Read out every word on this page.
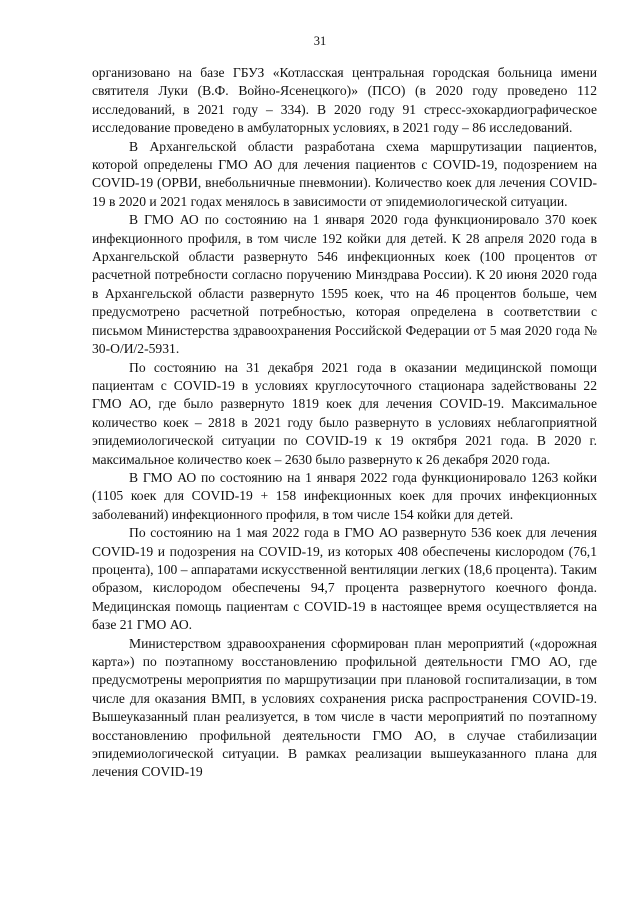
31

организовано на базе ГБУЗ «Котласская центральная городская больница имени святителя Луки (В.Ф. Войно-Ясенецкого)» (ПСО) (в 2020 году проведено 112 исследований, в 2021 году – 334). В 2020 году 91 стресс-эхокардиографическое исследование проведено в амбулаторных условиях, в 2021 году – 86 исследований.

В Архангельской области разработана схема маршрутизации пациентов, которой определены ГМО АО для лечения пациентов с COVID-19, подозрением на COVID-19 (ОРВИ, внебольничные пневмонии). Количество коек для лечения COVID-19 в 2020 и 2021 годах менялось в зависимости от эпидемиологической ситуации.

В ГМО АО по состоянию на 1 января 2020 года функционировало 370 коек инфекционного профиля, в том числе 192 койки для детей. К 28 апреля 2020 года в Архангельской области развернуто 546 инфекционных коек (100 процентов от расчетной потребности согласно поручению Минздрава России). К 20 июня 2020 года в Архангельской области развернуто 1595 коек, что на 46 процентов больше, чем предусмотрено расчетной потребностью, которая определена в соответствии с письмом Министерства здравоохранения Российской Федерации от 5 мая 2020 года № 30-О/И/2-5931.

По состоянию на 31 декабря 2021 года в оказании медицинской помощи пациентам с COVID-19 в условиях круглосуточного стационара задействованы 22 ГМО АО, где было развернуто 1819 коек для лечения COVID-19. Максимальное количество коек – 2818 в 2021 году было развернуто в условиях неблагоприятной эпидемиологической ситуации по COVID-19 к 19 октября 2021 года. В 2020 г. максимальное количество коек – 2630 было развернуто к 26 декабря 2020 года.

В ГМО АО по состоянию на 1 января 2022 года функционировало 1263 койки (1105 коек для COVID-19 + 158 инфекционных коек для прочих инфекционных заболеваний) инфекционного профиля, в том числе 154 койки для детей.

По состоянию на 1 мая 2022 года в ГМО АО развернуто 536 коек для лечения COVID-19 и подозрения на COVID-19, из которых 408 обеспечены кислородом (76,1 процента), 100 – аппаратами искусственной вентиляции легких (18,6 процента). Таким образом, кислородом обеспечены 94,7 процента развернутого коечного фонда. Медицинская помощь пациентам с COVID-19 в настоящее время осуществляется на базе 21 ГМО АО.

Министерством здравоохранения сформирован план мероприятий («дорожная карта») по поэтапному восстановлению профильной деятельности ГМО АО, где предусмотрены мероприятия по маршрутизации при плановой госпитализации, в том числе для оказания ВМП, в условиях сохранения риска распространения COVID-19. Вышеуказанный план реализуется, в том числе в части мероприятий по поэтапному восстановлению профильной деятельности ГМО АО, в случае стабилизации эпидемиологической ситуации. В рамках реализации вышеуказанного плана для лечения COVID-19
